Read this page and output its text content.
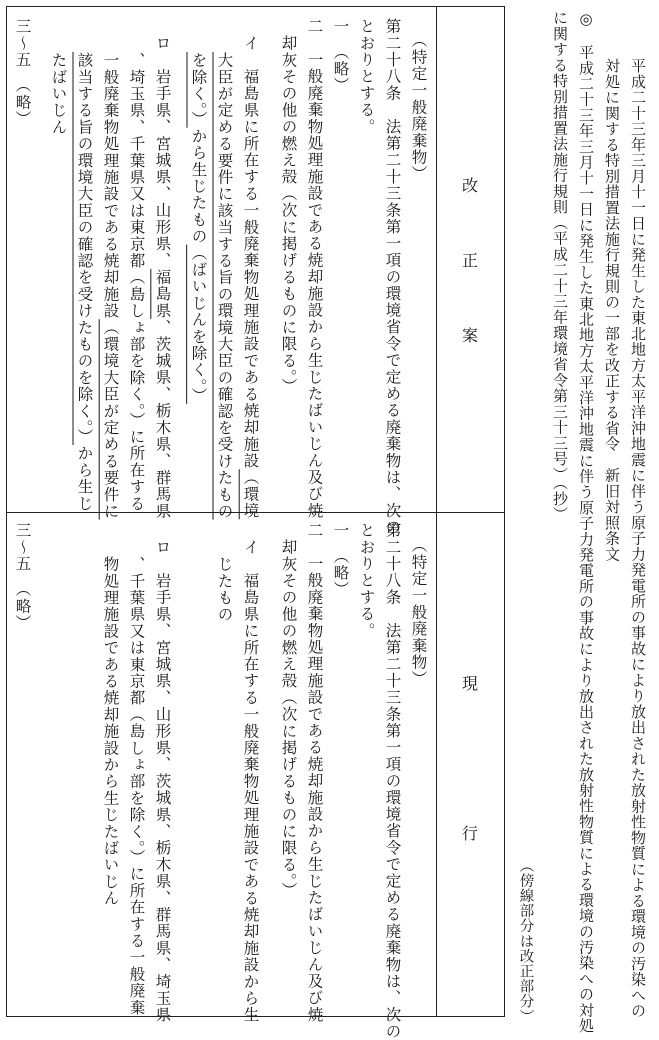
平成二十三年三月十一日に発生した東北地方太平洋沖地震に伴う原子力発電所の事故により放出された放射性物質による環境の汚染への
対処に関する特別措置法施行規則の一部を改正する省令　新旧対照条文
◎　平成二十三年三月十一日に発生した東北地方太平洋沖地震に伴う原子力発電所の事故により放出された放射性物質による環境の汚染への対処
に関する特別措置法施行規則（平成二十三年環境省令第三十三号）（抄）
（傍線部分は改正部分）
改
正
案
現
行
（特定一般廃棄物）
第二十八条　法第二十三条第一項の環境省令で定める廃棄物は、次の
とおりとする。
一　（略）
二　一般廃棄物処理施設である焼却施設から生じたばいじん及び焼
却灰その他の燃え殻（次に掲げるものに限る。）
イ　福島県に所在する一般廃棄物処理施設である焼却施設（環境
大臣が定める要件に該当する旨の環境大臣の確認を受けたもの
を除く。）から生じたもの（ばいじんを除く。）
ロ　岩手県、宮城県、山形県、福島県、茨城県、栃木県、群馬県
、埼玉県、千葉県又は東京都（島しょ部を除く。）に所在する
一般廃棄物処理施設である焼却施設（環境大臣が定める要件に
該当する旨の環境大臣の確認を受けたものを除く。）から生じ
たばいじん
三〜五　（略）
（特定一般廃棄物）
第二十八条　法第二十三条第一項の環境省令で定める廃棄物は、次の
とおりとする。
一　（略）
二　一般廃棄物処理施設である焼却施設から生じたばいじん及び焼
却灰その他の燃え殻（次に掲げるものに限る。）
イ　福島県に所在する一般廃棄物処理施設である焼却施設から生
じたもの
ロ　岩手県、宮城県、山形県、茨城県、栃木県、群馬県、埼玉県
、千葉県又は東京都（島しょ部を除く。）に所在する一般廃棄
物処理施設である焼却施設から生じたばいじん
三〜五　（略）
